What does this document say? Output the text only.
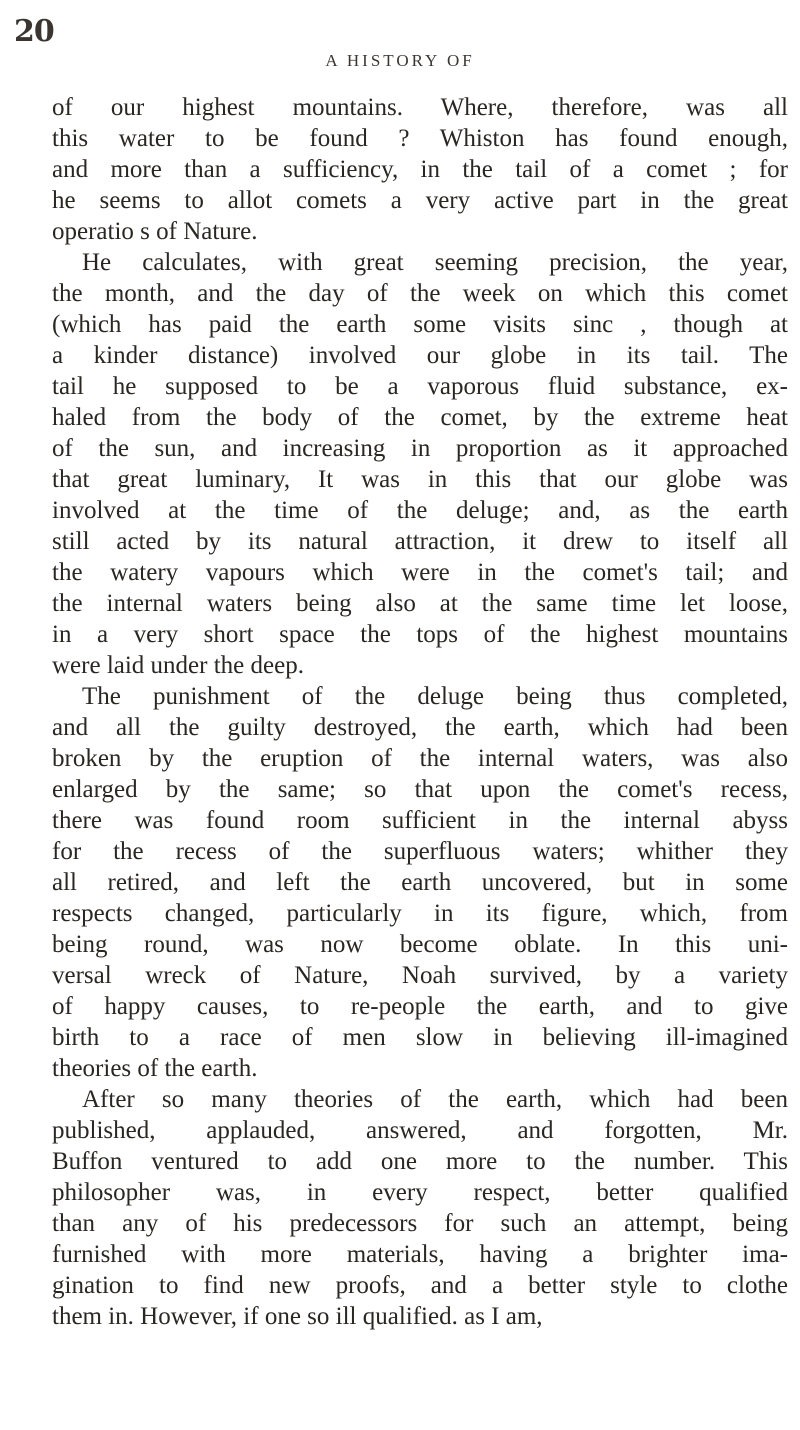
20
A HISTORY OF
of our highest mountains. Where, therefore, was all
this water to be found ? Whiston has found enough,
and more than a sufficiency, in the tail of a comet ; for
he seems to allot comets a very active part in the great
operatio s of Nature.
He calculates, with great seeming precision, the year,
the month, and the day of the week on which this comet
(which has paid the earth some visits sinc , though at
a kinder distance) involved our globe in its tail. The
tail he supposed to be a vaporous fluid substance, ex-
haled from the body of the comet, by the extreme heat
of the sun, and increasing in proportion as it approached
that great luminary, It was in this that our globe was
involved at the time of the deluge; and, as the earth
still acted by its natural attraction, it drew to itself all
the watery vapours which were in the comet's tail; and
the internal waters being also at the same time let loose,
in a very short space the tops of the highest mountains
were laid under the deep.
The punishment of the deluge being thus completed,
and all the guilty destroyed, the earth, which had been
broken by the eruption of the internal waters, was also
enlarged by the same; so that upon the comet's recess,
there was found room sufficient in the internal abyss
for the recess of the superfluous waters; whither they
all retired, and left the earth uncovered, but in some
respects changed, particularly in its figure, which, from
being round, was now become oblate. In this uni-
versal wreck of Nature, Noah survived, by a variety
of happy causes, to re-people the earth, and to give
birth to a race of men slow in believing ill-imagined
theories of the earth.
After so many theories of the earth, which had been
published, applauded, answered, and forgotten, Mr.
Buffon ventured to add one more to the number. This
philosopher was, in every respect, better qualified
than any of his predecessors for such an attempt, being
furnished with more materials, having a brighter ima-
gination to find new proofs, and a better style to clothe
them in. However, if one so ill qualified. as I am,
